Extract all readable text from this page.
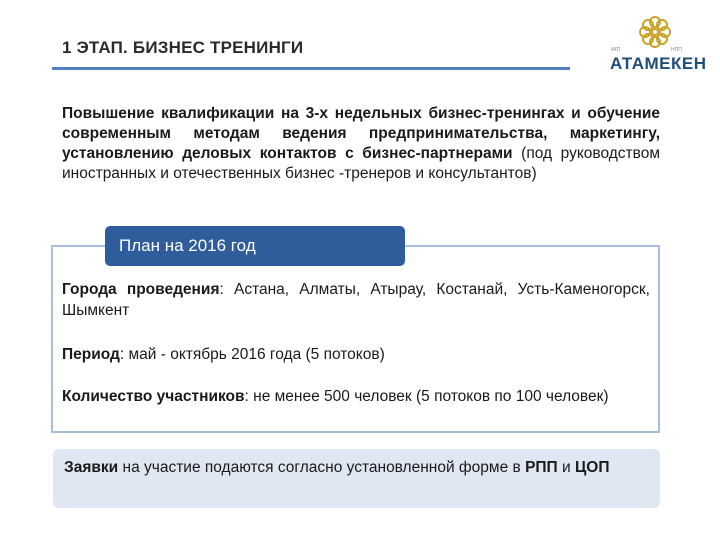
1 ЭТАП. БИЗНЕС ТРЕНИНГИ	ҰКП	НПП
АТАМЕКЕН
Повышение квалификации на 3-х недельных бизнес-тренингах и обучение современным методам ведения предпринимательства, маркетингу, установлению деловых контактов с бизнес-партнерами (под руководством иностранных и отечественных бизнес -тренеров и консультантов)
План на 2016 год
Города проведения: Астана, Алматы, Атырау, Костанай, Усть-Каменогорск, Шымкент
Период: май - октябрь 2016 года (5 потоков)
Количество участников: не менее 500 человек (5 потоков по 100 человек)
Заявки на участие подаются согласно установленной форме в РПП и ЦОП
